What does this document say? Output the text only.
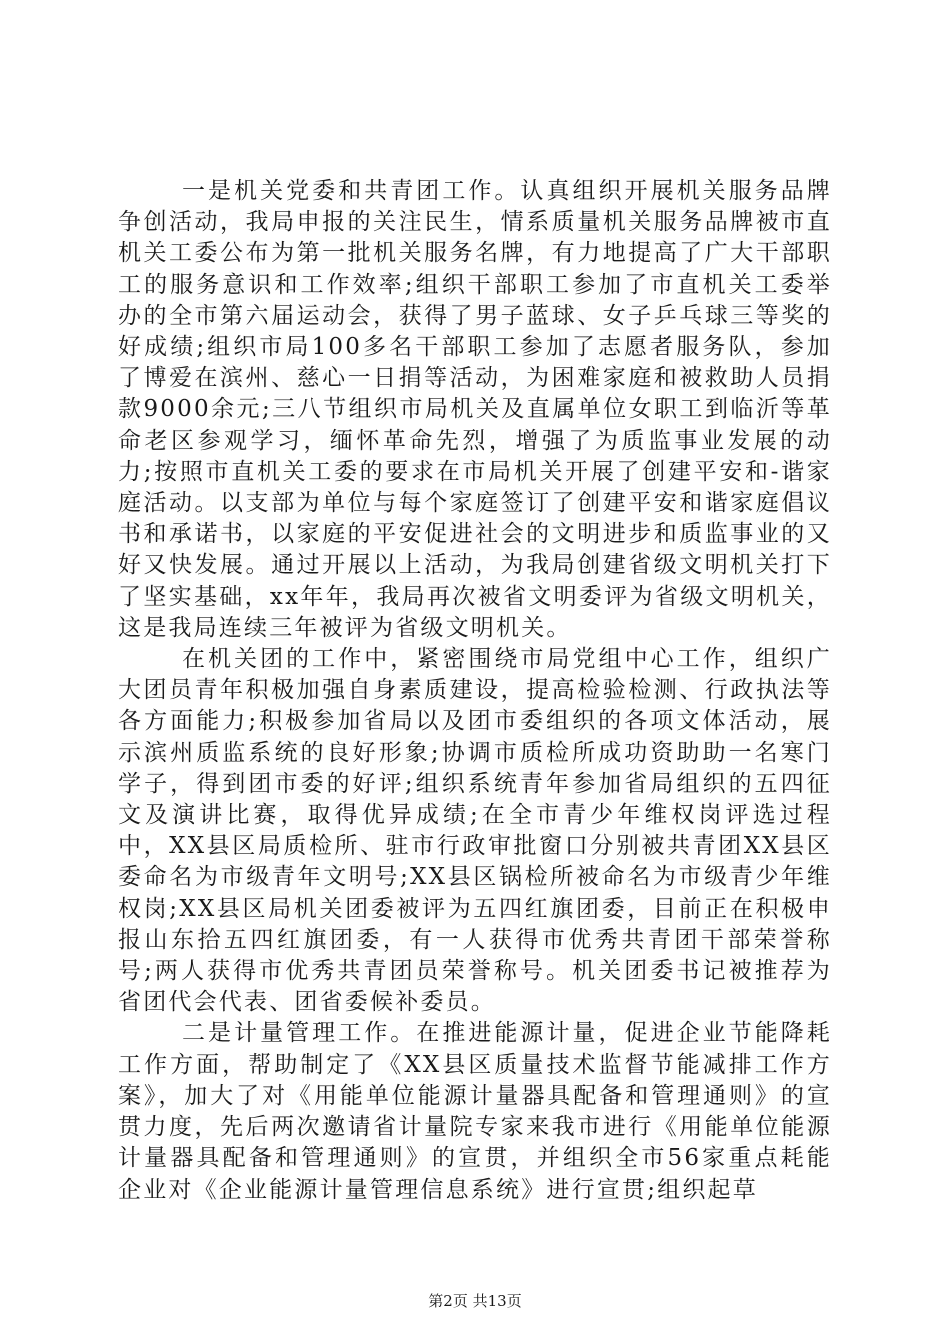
一是机关党委和共青团工作。认真组织开展机关服务品牌争创活动，我局申报的关注民生，情系质量机关服务品牌被市直机关工委公布为第一批机关服务名牌，有力地提高了广大干部职工的服务意识和工作效率;组织干部职工参加了市直机关工委举办的全市第六届运动会，获得了男子蓝球、女子乒乓球三等奖的好成绩;组织市局100多名干部职工参加了志愿者服务队，参加了博爱在滨州、慈心一日捐等活动，为困难家庭和被救助人员捐款9000余元;三八节组织市局机关及直属单位女职工到临沂等革命老区参观学习，缅怀革命先烈，增强了为质监事业发展的动力;按照市直机关工委的要求在市局机关开展了创建平安和-谐家庭活动。以支部为单位与每个家庭签订了创建平安和谐家庭倡议书和承诺书，以家庭的平安促进社会的文明进步和质监事业的又好又快发展。通过开展以上活动，为我局创建省级文明机关打下了坚实基础，xx年年，我局再次被省文明委评为省级文明机关，这是我局连续三年被评为省级文明机关。

在机关团的工作中，紧密围绕市局党组中心工作，组织广大团员青年积极加强自身素质建设，提高检验检测、行政执法等各方面能力;积极参加省局以及团市委组织的各项文体活动，展示滨州质监系统的良好形象;协调市质检所成功资助助一名寒门学子，得到团市委的好评;组织系统青年参加省局组织的五四征文及演讲比赛，取得优异成绩;在全市青少年维权岗评选过程中，XX县区局质检所、驻市行政审批窗口分别被共青团XX县区委命名为市级青年文明号;XX县区锅检所被命名为市级青少年维权岗;XX县区局机关团委被评为五四红旗团委，目前正在积极申报山东拾五四红旗团委，有一人获得市优秀共青团干部荣誉称号;两人获得市优秀共青团员荣誉称号。机关团委书记被推荐为省团代会代表、团省委候补委员。

二是计量管理工作。在推进能源计量，促进企业节能降耗工作方面，帮助制定了《XX县区质量技术监督节能减排工作方案》，加大了对《用能单位能源计量器具配备和管理通则》的宣贯力度，先后两次邀请省计量院专家来我市进行《用能单位能源计量器具配备和管理通则》的宣贯，并组织全市56家重点耗能企业对《企业能源计量管理信息系统》进行宣贯;组织起草

第2页 共13页
